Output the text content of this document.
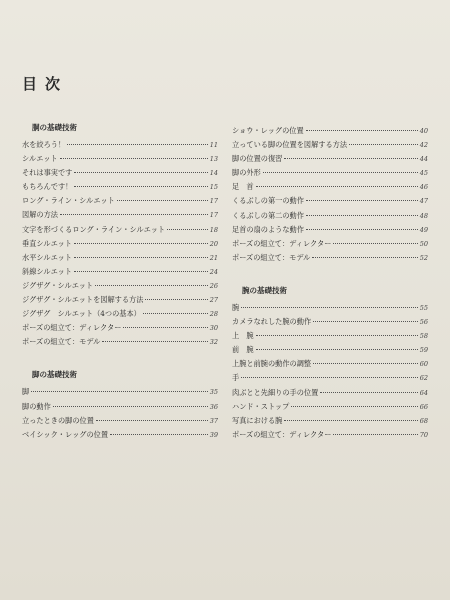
目次
胴の基礎技術
水を絞ろう！	11
シルエット	13
それは事実です	14
もちろんです！	15
ロング・ライン・シルエット	17
図解の方法	17
文字を形づくるロング・ライン・シルエット	18
垂直シルエット	20
水平シルエット	21
斜線シルエット	24
ジグザグ・シルエット	26
ジグザグ・シルエットを図解する方法	27
ジグザグ　シルエット（4つの基本）	28
ポーズの組立て：ディレクター	30
ポーズの組立て：モデル	32
脚の基礎技術
脚	35
脚の動作	36
立ったときの脚の位置	37
ベイシック・レッグの位置	39
ショウ・レッグの位置	40
立っている脚の位置を図解する方法	42
脚の位置の復習	44
脚の外形	45
足　首	46
くるぶしの第一の動作	47
くるぶしの第二の動作	48
足首の扇のような動作	49
ポーズの組立て：ディレクター	50
ポーズの組立て：モデル	52
腕の基礎技術
腕	55
カメラなれした腕の動作	56
上　腕	58
前　腕	59
上腕と前腕の動作の調整	60
手	62
肉ぶとと先細りの手の位置	64
ハンド・ストップ	66
写真における腕	68
ポーズの組立て：ディレクター	70
